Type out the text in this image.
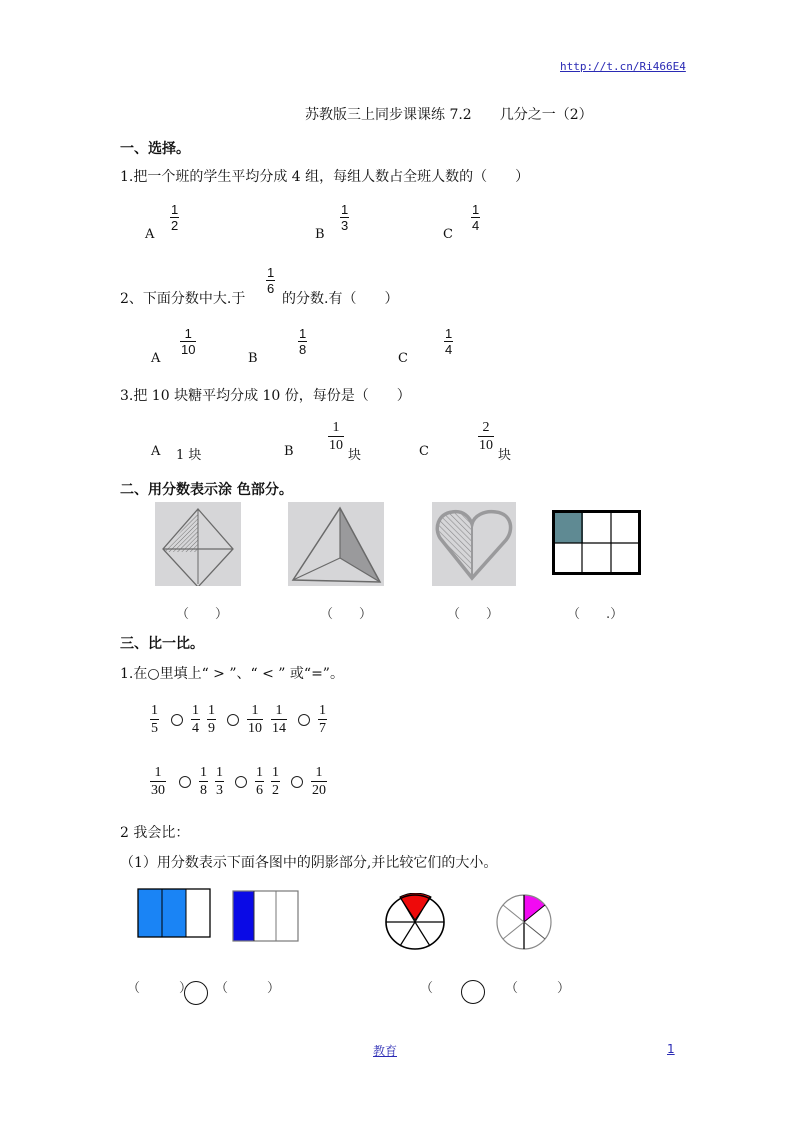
http://t.cn/Ri466E4
苏教版三上同步课课练 7.2　　几分之一（2）
一、选择。
1.把一个班的学生平均分成 4 组，每组人数占全班人数的（　　）
A
$\frac{1}{2}$
B
$\frac{1}{3}$
C
$\frac{1}{4}$
2、下面分数中大.于
$\frac{1}{6}$
的分数.有（　　）
A
$\frac{1}{10}$
B
$\frac{1}{8}$
C
$\frac{1}{4}$
3.把 10 块糖平均分成 10 份，每份是（　　）
A 1 块	B $\frac{1}{10}$
块	C	$\frac{2}{10}$
块
二、用分数表示涂 色部分。
（　　）	（　　）	（　　）	（　　.）
三、比一比。
1.在○里填上“ > ”、“ < ” 或“=”。
$\frac{1}{5} \frac{1}{4} \frac{1}{9} \frac{1}{10} \frac{1}{14} \frac{1}{7}$
$\frac{1}{30} \frac{1}{8} \frac{1}{3} \frac{1}{6} \frac{1}{2} \frac{1}{20}$
2 我会比：
（1）用分数表示下面各图中的阴影部分,并比较它们的大小。
（　　　） （　　　）	（	（　　　）
教育	1
